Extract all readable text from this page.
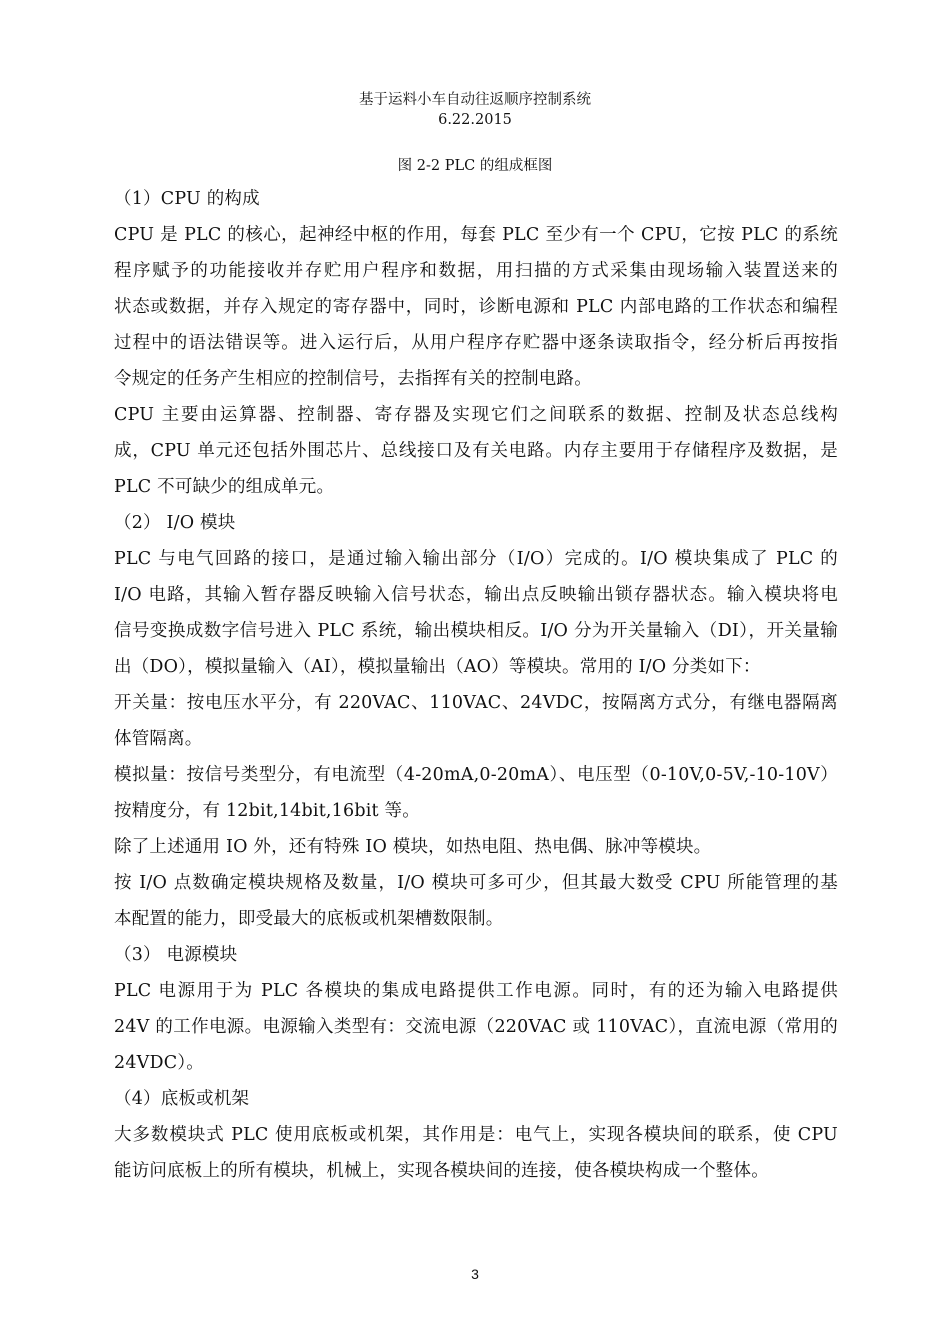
基于运料小车自动往返顺序控制系统
6.22.2015
图 2-2 PLC 的组成框图
（1）CPU 的构成
CPU 是 PLC 的核心，起神经中枢的作用，每套 PLC 至少有一个 CPU，它按 PLC 的系统
程序赋予的功能接收并存贮用户程序和数据，用扫描的方式采集由现场输入装置送来的
状态或数据，并存入规定的寄存器中，同时，诊断电源和 PLC 内部电路的工作状态和编程
过程中的语法错误等。进入运行后，从用户程序存贮器中逐条读取指令，经分析后再按指
令规定的任务产生相应的控制信号，去指挥有关的控制电路。
CPU 主要由运算器、控制器、寄存器及实现它们之间联系的数据、控制及状态总线构
成，CPU 单元还包括外围芯片、总线接口及有关电路。内存主要用于存储程序及数据，是
PLC 不可缺少的组成单元。
（2） I/O 模块
PLC 与电气回路的接口，是通过输入输出部分（I/O）完成的。I/O 模块集成了 PLC 的
I/O 电路，其输入暂存器反映输入信号状态，输出点反映输出锁存器状态。输入模块将电
信号变换成数字信号进入 PLC 系统，输出模块相反。I/O 分为开关量输入（DI），开关量输
出（DO），模拟量输入（AI），模拟量输出（AO）等模块。常用的 I/O 分类如下：
开关量：按电压水平分，有 220VAC、110VAC、24VDC，按隔离方式分，有继电器隔离
体管隔离。
模拟量：按信号类型分，有电流型（4-20mA,0-20mA）、电压型（0-10V,0-5V,-10-10V）
按精度分，有 12bit,14bit,16bit 等。
除了上述通用 IO 外，还有特殊 IO 模块，如热电阻、热电偶、脉冲等模块。
按 I/O 点数确定模块规格及数量，I/O 模块可多可少，但其最大数受 CPU 所能管理的基
本配置的能力，即受最大的底板或机架槽数限制。
（3） 电源模块
PLC 电源用于为 PLC 各模块的集成电路提供工作电源。同时，有的还为输入电路提供
24V 的工作电源。电源输入类型有：交流电源（220VAC 或 110VAC），直流电源（常用的
24VDC）。
（4）底板或机架
大多数模块式 PLC 使用底板或机架，其作用是：电气上，实现各模块间的联系，使 CPU
能访问底板上的所有模块，机械上，实现各模块间的连接，使各模块构成一个整体。
3
